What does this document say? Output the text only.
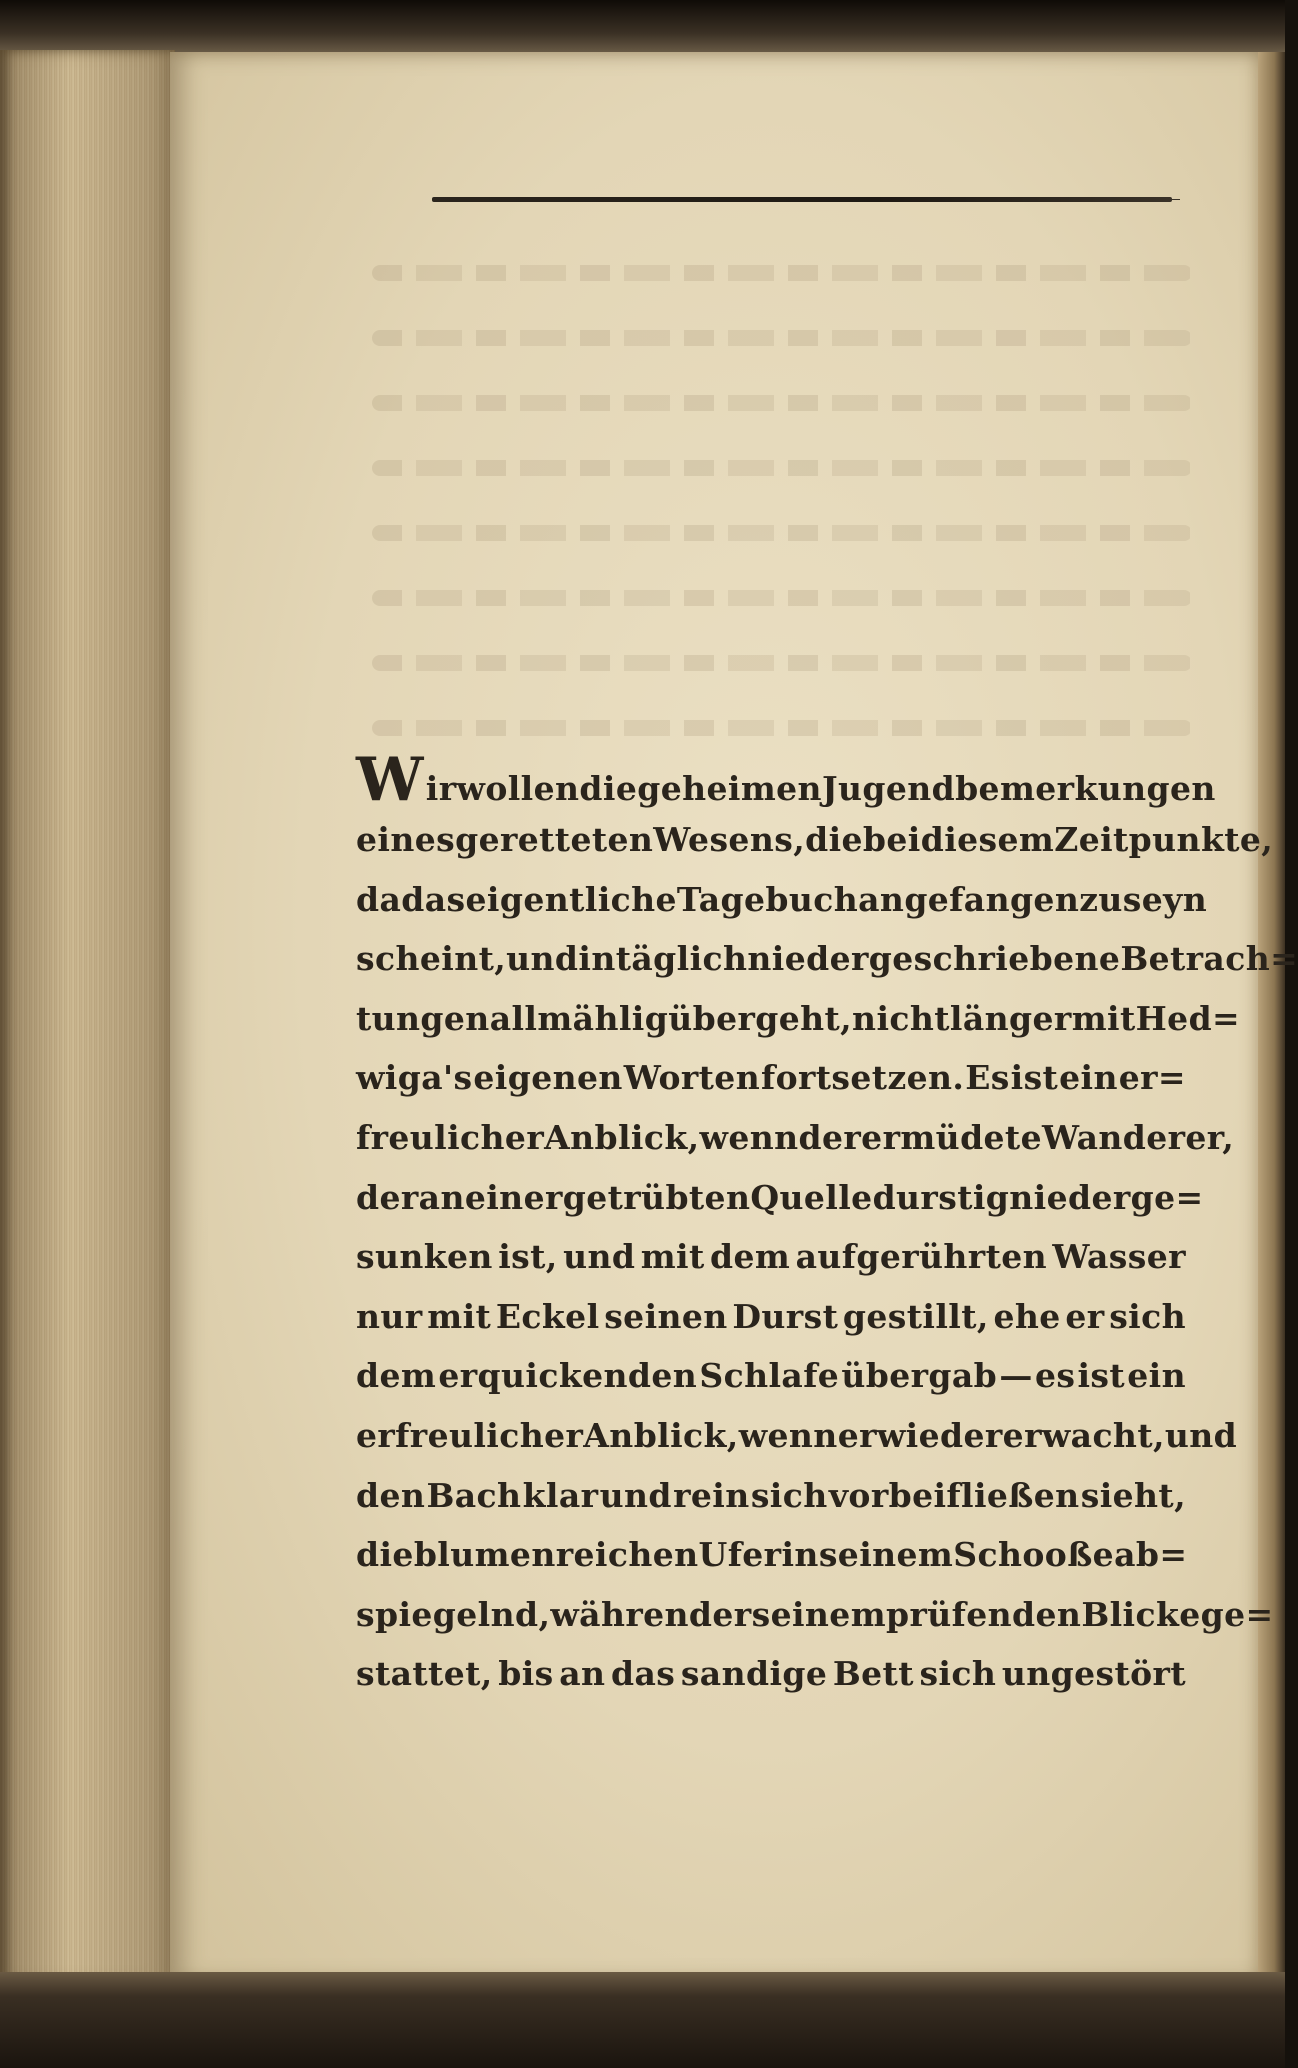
Wir wollen die geheimen Jugendbemerkungen
eines geretteten Wesens, die bei diesem Zeitpunkte,
da das eigentliche Tagebuch angefangen zu seyn
scheint, und in täglich niedergeschriebene Betrach=
tungen allmählig übergeht, nicht länger mit Hed=
wiga's eigenen Worten fortsetzen. Es ist ein er=
freulicher Anblick, wenn der ermüdete Wanderer,
der an einer getrübten Quelle durstig niederge=
sunken ist, und mit dem aufgerührten Wasser
nur mit Eckel seinen Durst gestillt, ehe er sich
dem erquickenden Schlafe übergab — es ist ein
erfreulicher Anblick, wenn er wieder erwacht, und
den Bach klar und rein sich vorbeifließen sieht,
die blumenreichen Ufer in seinem Schooße ab=
spiegelnd, während er seinem prüfenden Blicke ge=
stattet, bis an das sandige Bett sich ungestört
